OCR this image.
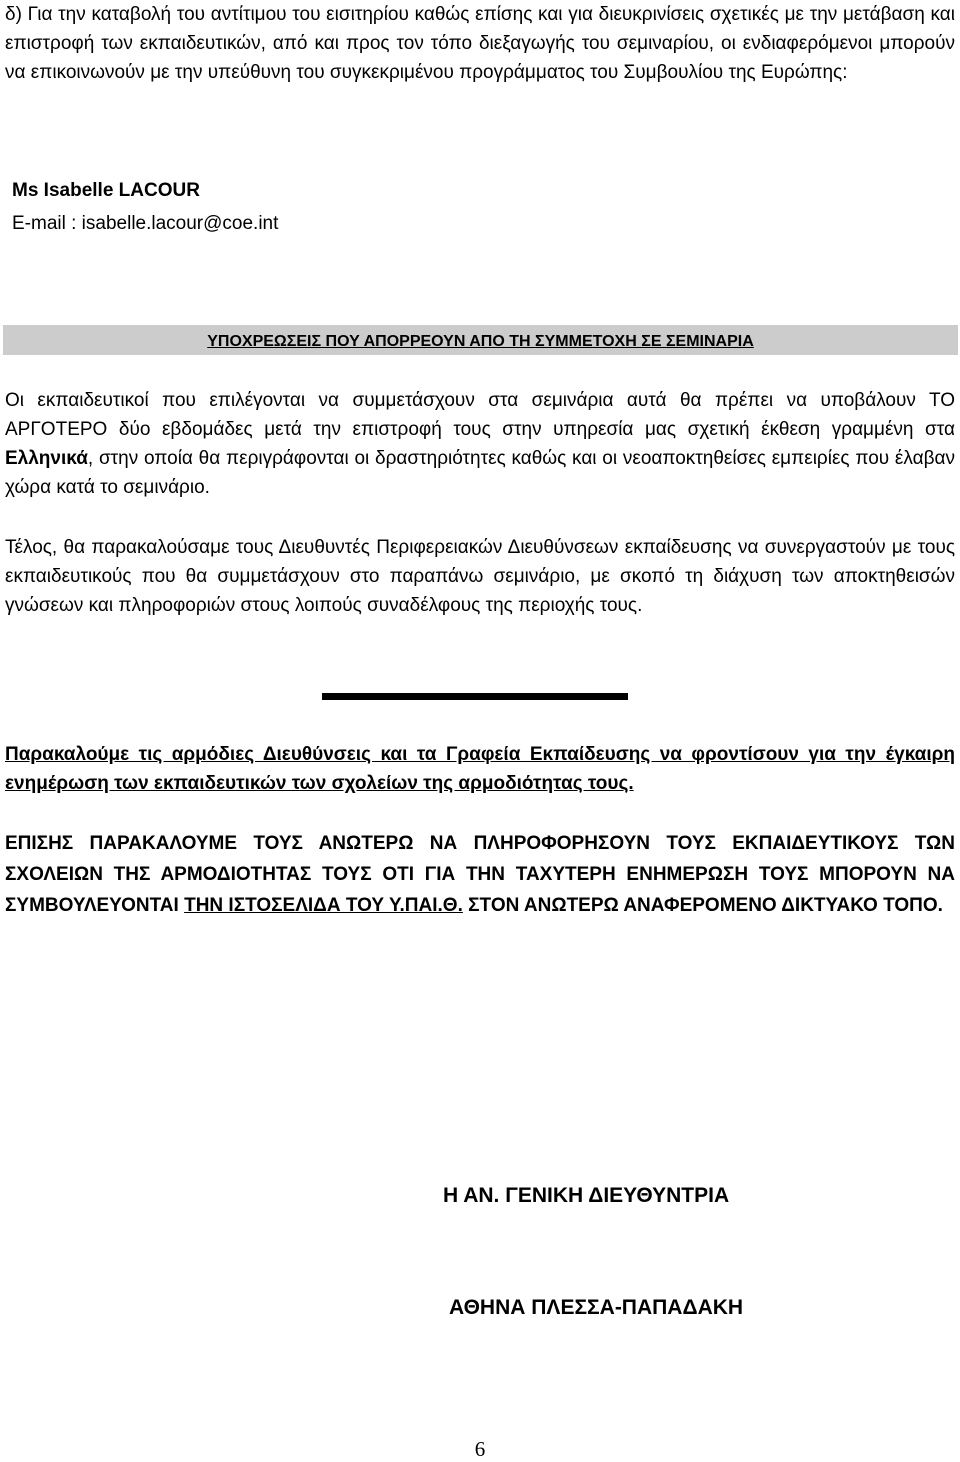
δ) Για την καταβολή του αντίτιμου του εισιτηρίου καθώς επίσης και για διευκρινίσεις σχετικές με την μετάβαση και επιστροφή των εκπαιδευτικών, από και προς τον τόπο διεξαγωγής του σεμιναρίου, οι ενδιαφερόμενοι μπορούν να επικοινωνούν με την υπεύθυνη του συγκεκριμένου προγράμματος του Συμβουλίου της Ευρώπης:

Ms Isabelle LACOUR
E-mail : isabelle.lacour@coe.int
ΥΠΟΧΡΕΩΣΕΙΣ ΠΟΥ ΑΠΟΡΡΕΟΥΝ ΑΠΟ ΤΗ ΣΥΜΜΕΤΟΧΗ ΣΕ ΣΕΜΙΝΑΡΙΑ

Οι εκπαιδευτικοί που επιλέγονται να συμμετάσχουν στα σεμινάρια αυτά θα πρέπει να υποβάλουν ΤΟ ΑΡΓΟΤΕΡΟ δύο εβδομάδες μετά την επιστροφή τους στην υπηρεσία μας σχετική έκθεση γραμμένη στα Ελληνικά, στην οποία θα περιγράφονται οι δραστηριότητες καθώς και οι νεοαποκτηθείσες εμπειρίες που έλαβαν χώρα κατά το σεμινάριο.

Τέλος, θα παρακαλούσαμε τους Διευθυντές Περιφερειακών Διευθύνσεων εκπαίδευσης να συνεργαστούν με τους εκπαιδευτικούς που θα συμμετάσχουν στο παραπάνω σεμινάριο, με σκοπό τη διάχυση των αποκτηθεισών γνώσεων και πληροφοριών στους λοιπούς συναδέλφους της περιοχής τους.

Παρακαλούμε τις αρμόδιες Διευθύνσεις και τα Γραφεία Εκπαίδευσης να φροντίσουν για την έγκαιρη ενημέρωση των εκπαιδευτικών των σχολείων της αρμοδιότητας τους.

ΕΠΙΣΗΣ ΠΑΡΑΚΑΛΟΥΜΕ ΤΟΥΣ ΑΝΩΤΕΡΩ ΝΑ ΠΛΗΡΟΦΟΡΗΣΟΥΝ ΤΟΥΣ ΕΚΠΑΙΔΕΥΤΙΚΟΥΣ ΤΩΝ ΣΧΟΛΕΙΩΝ ΤΗΣ ΑΡΜΟΔΙΟΤΗΤΑΣ ΤΟΥΣ ΟΤΙ ΓΙΑ ΤΗΝ ΤΑΧΥΤΕΡΗ ΕΝΗΜΕΡΩΣΗ ΤΟΥΣ ΜΠΟΡΟΥΝ ΝΑ ΣΥΜΒΟΥΛΕΥΟΝΤΑΙ ΤΗΝ ΙΣΤΟΣΕΛΙΔΑ ΤΟΥ Υ.ΠΑΙ.Θ. ΣΤΟΝ ΑΝΩΤΕΡΩ ΑΝΑΦΕΡΟΜΕΝΟ ΔΙΚΤΥΑΚΟ ΤΟΠΟ.

Η ΑΝ. ΓΕΝΙΚΗ ΔΙΕΥΘΥΝΤΡΙΑ
ΑΘΗΝΑ ΠΛΕΣΣΑ-ΠΑΠΑΔΑΚΗ
6
